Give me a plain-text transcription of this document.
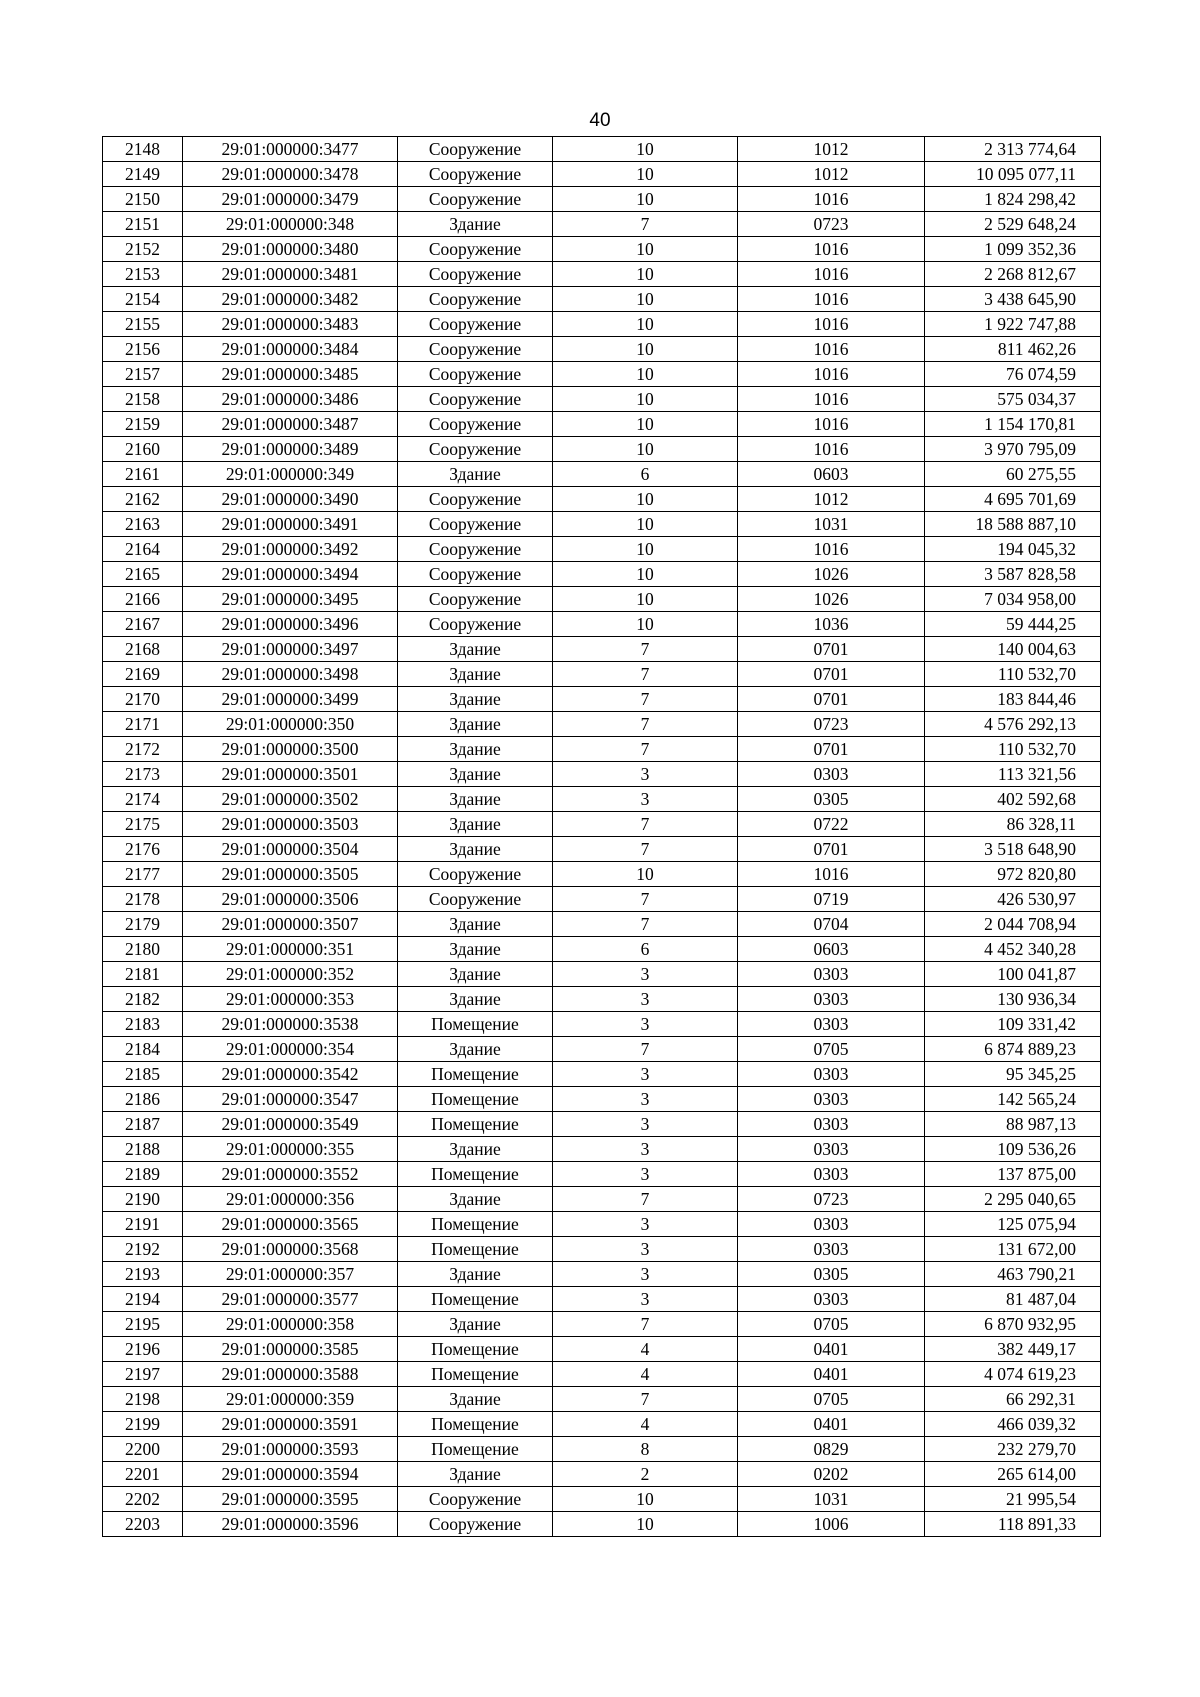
40
2148	29:01:000000:3477	Сооружение	10	1012	2 313 774,64
2149	29:01:000000:3478	Сооружение	10	1012	10 095 077,11
2150	29:01:000000:3479	Сооружение	10	1016	1 824 298,42
2151	29:01:000000:348	Здание	7	0723	2 529 648,24
2152	29:01:000000:3480	Сооружение	10	1016	1 099 352,36
2153	29:01:000000:3481	Сооружение	10	1016	2 268 812,67
2154	29:01:000000:3482	Сооружение	10	1016	3 438 645,90
2155	29:01:000000:3483	Сооружение	10	1016	1 922 747,88
2156	29:01:000000:3484	Сооружение	10	1016	811 462,26
2157	29:01:000000:3485	Сооружение	10	1016	76 074,59
2158	29:01:000000:3486	Сооружение	10	1016	575 034,37
2159	29:01:000000:3487	Сооружение	10	1016	1 154 170,81
2160	29:01:000000:3489	Сооружение	10	1016	3 970 795,09
2161	29:01:000000:349	Здание	6	0603	60 275,55
2162	29:01:000000:3490	Сооружение	10	1012	4 695 701,69
2163	29:01:000000:3491	Сооружение	10	1031	18 588 887,10
2164	29:01:000000:3492	Сооружение	10	1016	194 045,32
2165	29:01:000000:3494	Сооружение	10	1026	3 587 828,58
2166	29:01:000000:3495	Сооружение	10	1026	7 034 958,00
2167	29:01:000000:3496	Сооружение	10	1036	59 444,25
2168	29:01:000000:3497	Здание	7	0701	140 004,63
2169	29:01:000000:3498	Здание	7	0701	110 532,70
2170	29:01:000000:3499	Здание	7	0701	183 844,46
2171	29:01:000000:350	Здание	7	0723	4 576 292,13
2172	29:01:000000:3500	Здание	7	0701	110 532,70
2173	29:01:000000:3501	Здание	3	0303	113 321,56
2174	29:01:000000:3502	Здание	3	0305	402 592,68
2175	29:01:000000:3503	Здание	7	0722	86 328,11
2176	29:01:000000:3504	Здание	7	0701	3 518 648,90
2177	29:01:000000:3505	Сооружение	10	1016	972 820,80
2178	29:01:000000:3506	Сооружение	7	0719	426 530,97
2179	29:01:000000:3507	Здание	7	0704	2 044 708,94
2180	29:01:000000:351	Здание	6	0603	4 452 340,28
2181	29:01:000000:352	Здание	3	0303	100 041,87
2182	29:01:000000:353	Здание	3	0303	130 936,34
2183	29:01:000000:3538	Помещение	3	0303	109 331,42
2184	29:01:000000:354	Здание	7	0705	6 874 889,23
2185	29:01:000000:3542	Помещение	3	0303	95 345,25
2186	29:01:000000:3547	Помещение	3	0303	142 565,24
2187	29:01:000000:3549	Помещение	3	0303	88 987,13
2188	29:01:000000:355	Здание	3	0303	109 536,26
2189	29:01:000000:3552	Помещение	3	0303	137 875,00
2190	29:01:000000:356	Здание	7	0723	2 295 040,65
2191	29:01:000000:3565	Помещение	3	0303	125 075,94
2192	29:01:000000:3568	Помещение	3	0303	131 672,00
2193	29:01:000000:357	Здание	3	0305	463 790,21
2194	29:01:000000:3577	Помещение	3	0303	81 487,04
2195	29:01:000000:358	Здание	7	0705	6 870 932,95
2196	29:01:000000:3585	Помещение	4	0401	382 449,17
2197	29:01:000000:3588	Помещение	4	0401	4 074 619,23
2198	29:01:000000:359	Здание	7	0705	66 292,31
2199	29:01:000000:3591	Помещение	4	0401	466 039,32
2200	29:01:000000:3593	Помещение	8	0829	232 279,70
2201	29:01:000000:3594	Здание	2	0202	265 614,00
2202	29:01:000000:3595	Сооружение	10	1031	21 995,54
2203	29:01:000000:3596	Сооружение	10	1006	118 891,33
